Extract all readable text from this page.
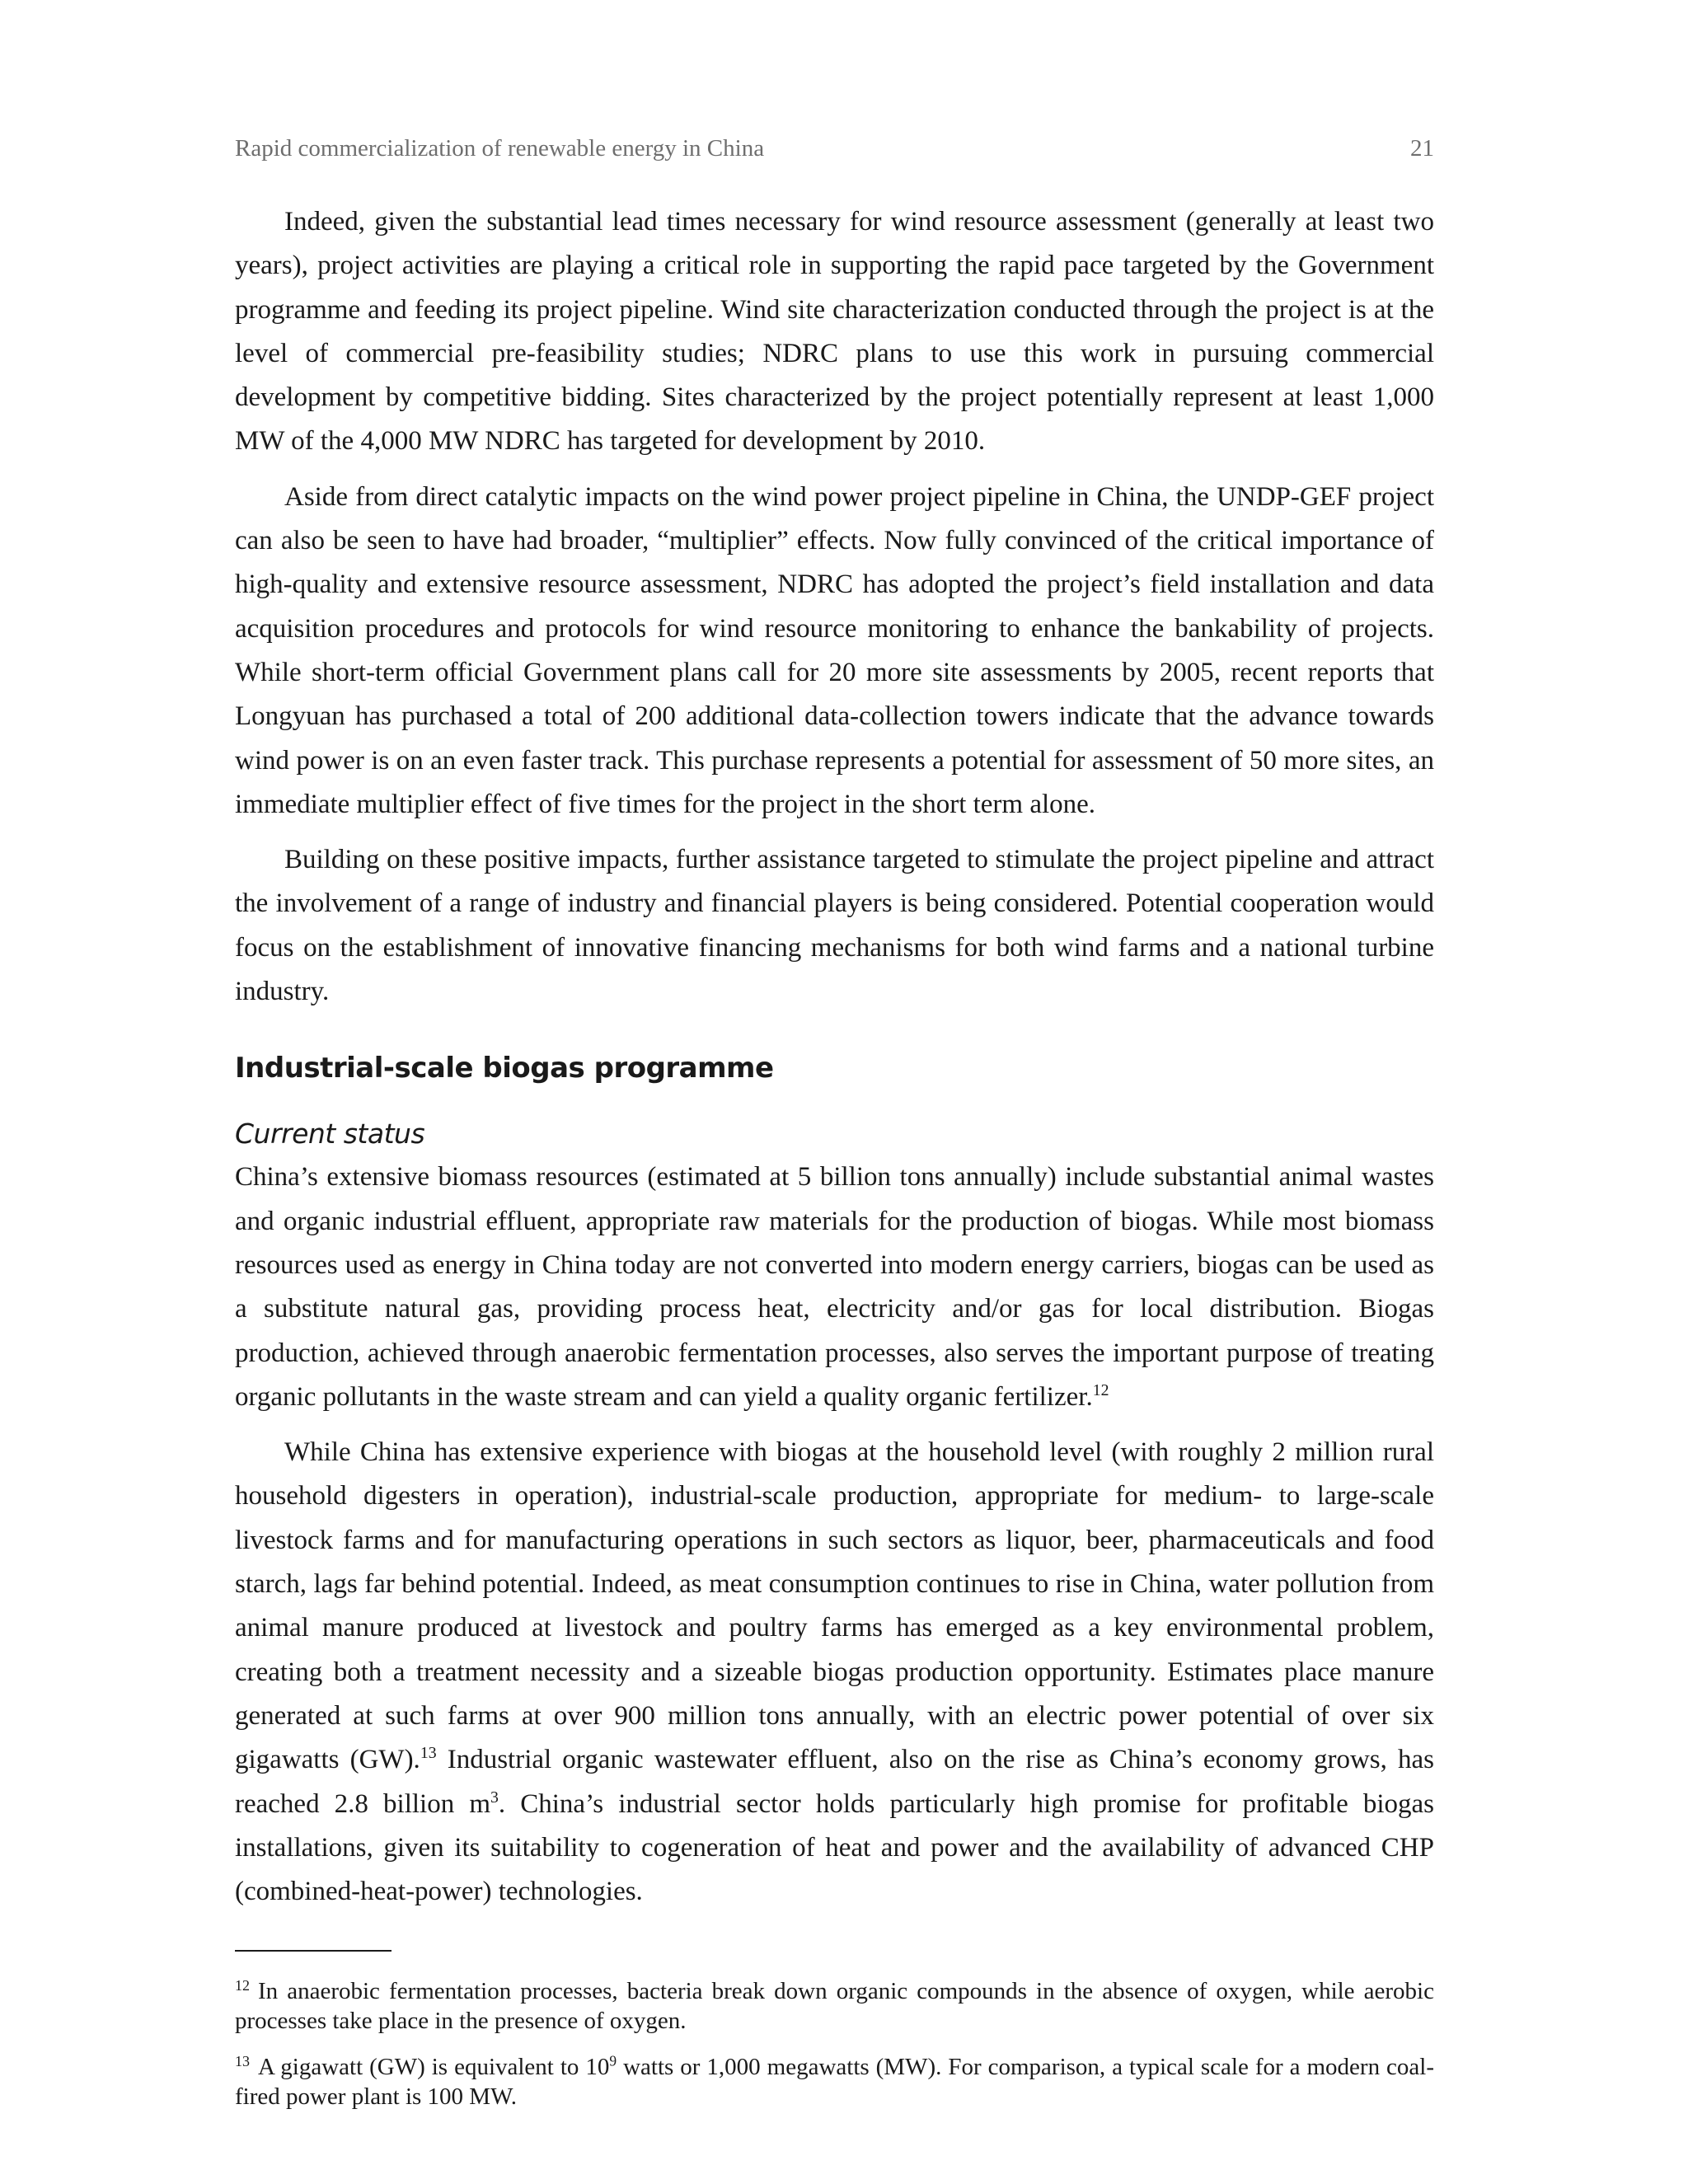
Rapid commercialization of renewable energy in China	21

Indeed, given the substantial lead times necessary for wind resource assessment (generally at least two years), project activities are playing a critical role in supporting the rapid pace targeted by the Government programme and feeding its project pipeline. Wind site characterization conducted through the project is at the level of commercial pre-feasibility studies; NDRC plans to use this work in pursuing commercial development by competitive bidding. Sites characterized by the project potentially represent at least 1,000 MW of the 4,000 MW NDRC has targeted for development by 2010.

Aside from direct catalytic impacts on the wind power project pipeline in China, the UNDP-GEF project can also be seen to have had broader, “multiplier” effects. Now fully convinced of the critical importance of high-quality and extensive resource assessment, NDRC has adopted the project’s field installation and data acquisition procedures and protocols for wind resource monitoring to enhance the bankability of projects. While short-term official Government plans call for 20 more site assessments by 2005, recent reports that Longyuan has purchased a total of 200 additional data-collection towers indicate that the advance towards wind power is on an even faster track. This purchase represents a potential for assessment of 50 more sites, an immediate multiplier effect of five times for the project in the short term alone.

Building on these positive impacts, further assistance targeted to stimulate the project pipeline and attract the involvement of a range of industry and financial players is being considered. Potential cooperation would focus on the establishment of innovative financing mechanisms for both wind farms and a national turbine industry.

Industrial-scale biogas programme
Current status

China’s extensive biomass resources (estimated at 5 billion tons annually) include substantial animal wastes and organic industrial effluent, appropriate raw materials for the production of biogas. While most biomass resources used as energy in China today are not converted into modern energy carriers, biogas can be used as a substitute natural gas, providing process heat, electricity and/or gas for local distribution. Biogas production, achieved through anaerobic fermentation processes, also serves the important purpose of treating organic pollutants in the waste stream and can yield a quality organic fertilizer.$^{12}$

While China has extensive experience with biogas at the household level (with roughly 2 million rural household digesters in operation), industrial-scale production, appropriate for medium- to large-scale livestock farms and for manufacturing operations in such sectors as liquor, beer, pharmaceuticals and food starch, lags far behind potential. Indeed, as meat consumption continues to rise in China, water pollution from animal manure produced at livestock and poultry farms has emerged as a key environmental problem, creating both a treatment necessity and a sizeable biogas production opportunity. Estimates place manure generated at such farms at over 900 million tons annually, with an electric power potential of over six gigawatts (GW).$^{13}$ Industrial organic wastewater effluent, also on the rise as China’s economy grows, has reached 2.8 billion $m^3$. China’s industrial sector holds particularly high promise for profitable biogas installations, given its suitability to cogeneration of heat and power and the availability of advanced CHP (combined-heat-power) technologies.

$^{12}$ In anaerobic fermentation processes, bacteria break down organic compounds in the absence of oxygen, while aerobic processes take place in the presence of oxygen.
$^{13}$ A gigawatt (GW) is equivalent to $10^9$ watts or 1,000 megawatts (MW). For comparison, a typical scale for a modern coal-fired power plant is 100 MW.
